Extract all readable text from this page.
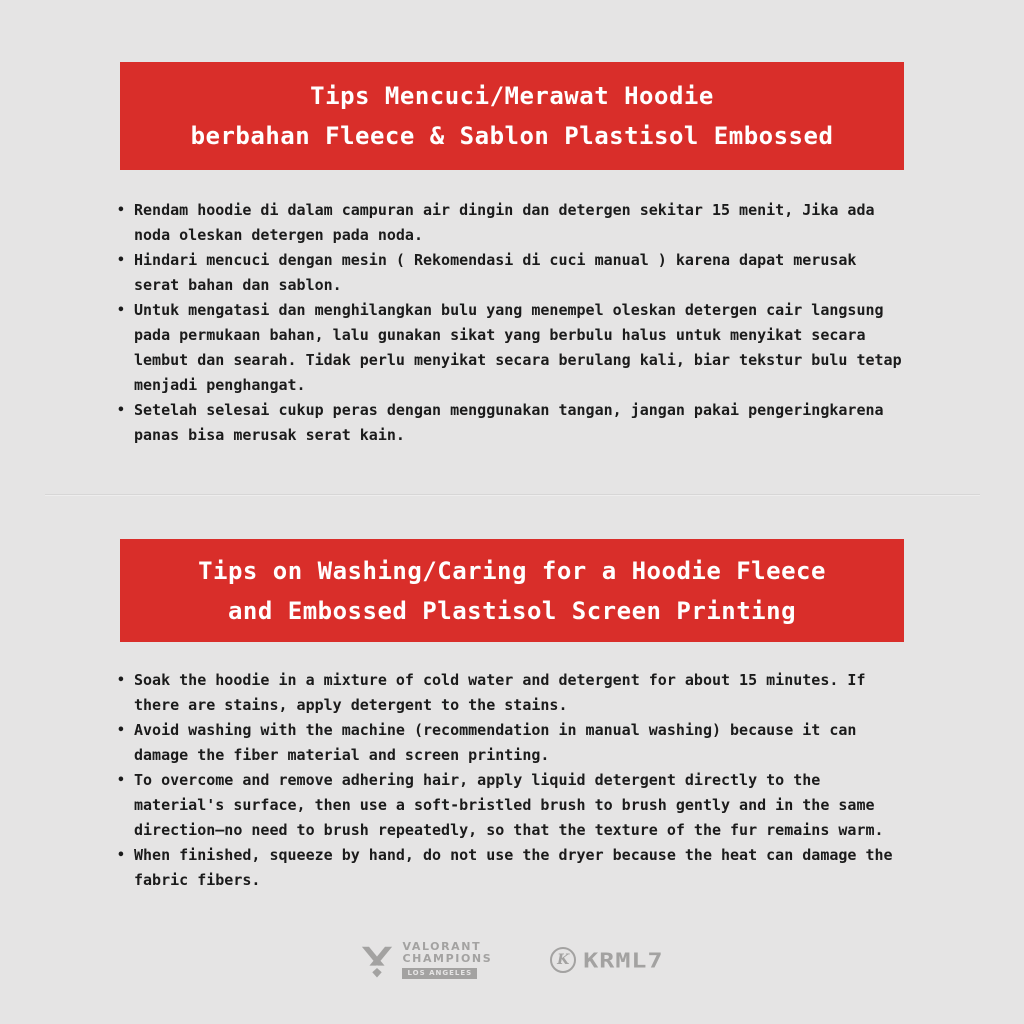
Tips Mencuci/Merawat Hoodie
berbahan Fleece & Sablon Plastisol Embossed
• Rendam hoodie di dalam campuran air dingin dan detergen sekitar 15 menit, Jika ada noda oleskan detergen pada noda.
• Hindari mencuci dengan mesin ( Rekomendasi di cuci manual ) karena dapat merusak serat bahan dan sablon.
• Untuk mengatasi dan menghilangkan bulu yang menempel oleskan detergen cair langsung pada permukaan bahan, lalu gunakan sikat yang berbulu halus untuk menyikat secara lembut dan searah. Tidak perlu menyikat secara berulang kali, biar tekstur bulu tetap menjadi penghangat.
• Setelah selesai cukup peras dengan menggunakan tangan, jangan pakai pengeringkarena panas bisa merusak serat kain.
Tips on Washing/Caring for a Hoodie Fleece
and Embossed Plastisol Screen Printing
• Soak the hoodie in a mixture of cold water and detergent for about 15 minutes. If there are stains, apply detergent to the stains.
• Avoid washing with the machine (recommendation in manual washing) because it can damage the fiber material and screen printing.
• To overcome and remove adhering hair, apply liquid detergent directly to the material's surface, then use a soft-bristled brush to brush gently and in the same direction—no need to brush repeatedly, so that the texture of the fur remains warm.
• When finished, squeeze by hand, do not use the dryer because the heat can damage the fabric fibers.
VALORANT
CHAMPIONS
LOS ANGELES
K KRML7
